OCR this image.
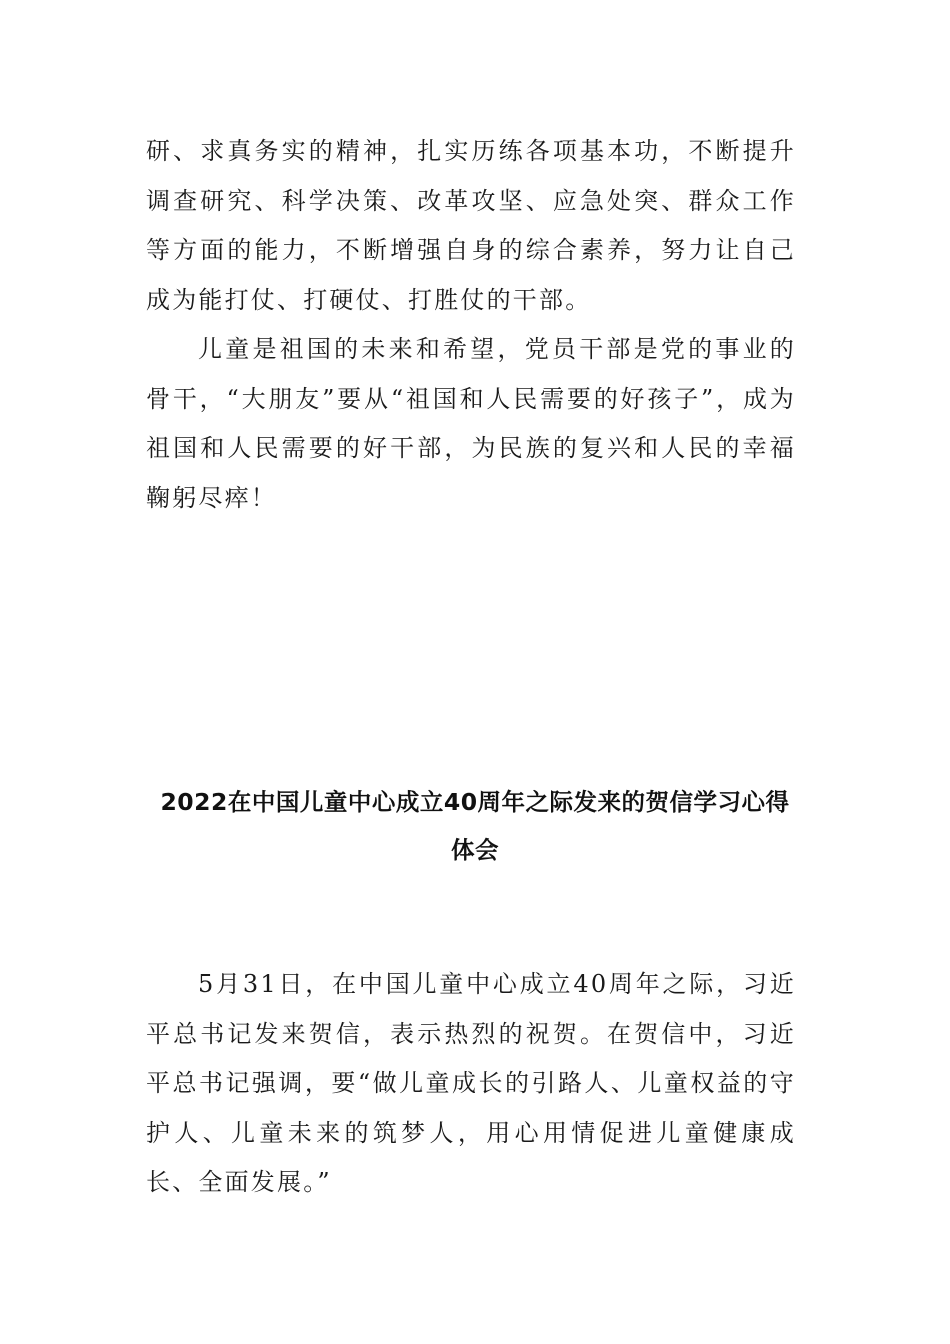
研、求真务实的精神，扎实历练各项基本功，不断提升调查研究、科学决策、改革攻坚、应急处突、群众工作等方面的能力，不断增强自身的综合素养，努力让自己成为能打仗、打硬仗、打胜仗的干部。

儿童是祖国的未来和希望，党员干部是党的事业的骨干，“大朋友”要从“祖国和人民需要的好孩子”，成为祖国和人民需要的好干部，为民族的复兴和人民的幸福鞠躬尽瘁！

2022在中国儿童中心成立40周年之际发来的贺信学习心得
体会

5月31日，在中国儿童中心成立40周年之际，习近平总书记发来贺信，表示热烈的祝贺。在贺信中，习近平总书记强调，要“做儿童成长的引路人、儿童权益的守护人、儿童未来的筑梦人，用心用情促进儿童健康成长、全面发展。”
